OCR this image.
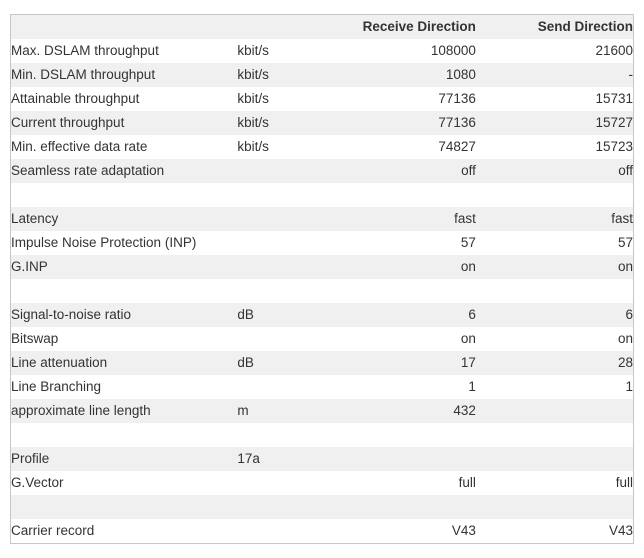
		Receive Direction	Send Direction
Max. DSLAM throughput	kbit/s	108000	21600
Min. DSLAM throughput	kbit/s	1080	-
Attainable throughput	kbit/s	77136	15731
Current throughput	kbit/s	77136	15727
Min. effective data rate	kbit/s	74827	15723
Seamless rate adaptation		off	off

Latency		fast	fast
Impulse Noise Protection (INP)		57	57
G.INP		on	on

Signal-to-noise ratio	dB	6	6
Bitswap		on	on
Line attenuation	dB	17	28
Line Branching		1	1
approximate line length	m	432	

Profile	17a		
G.Vector		full	full

Carrier record		V43	V43
